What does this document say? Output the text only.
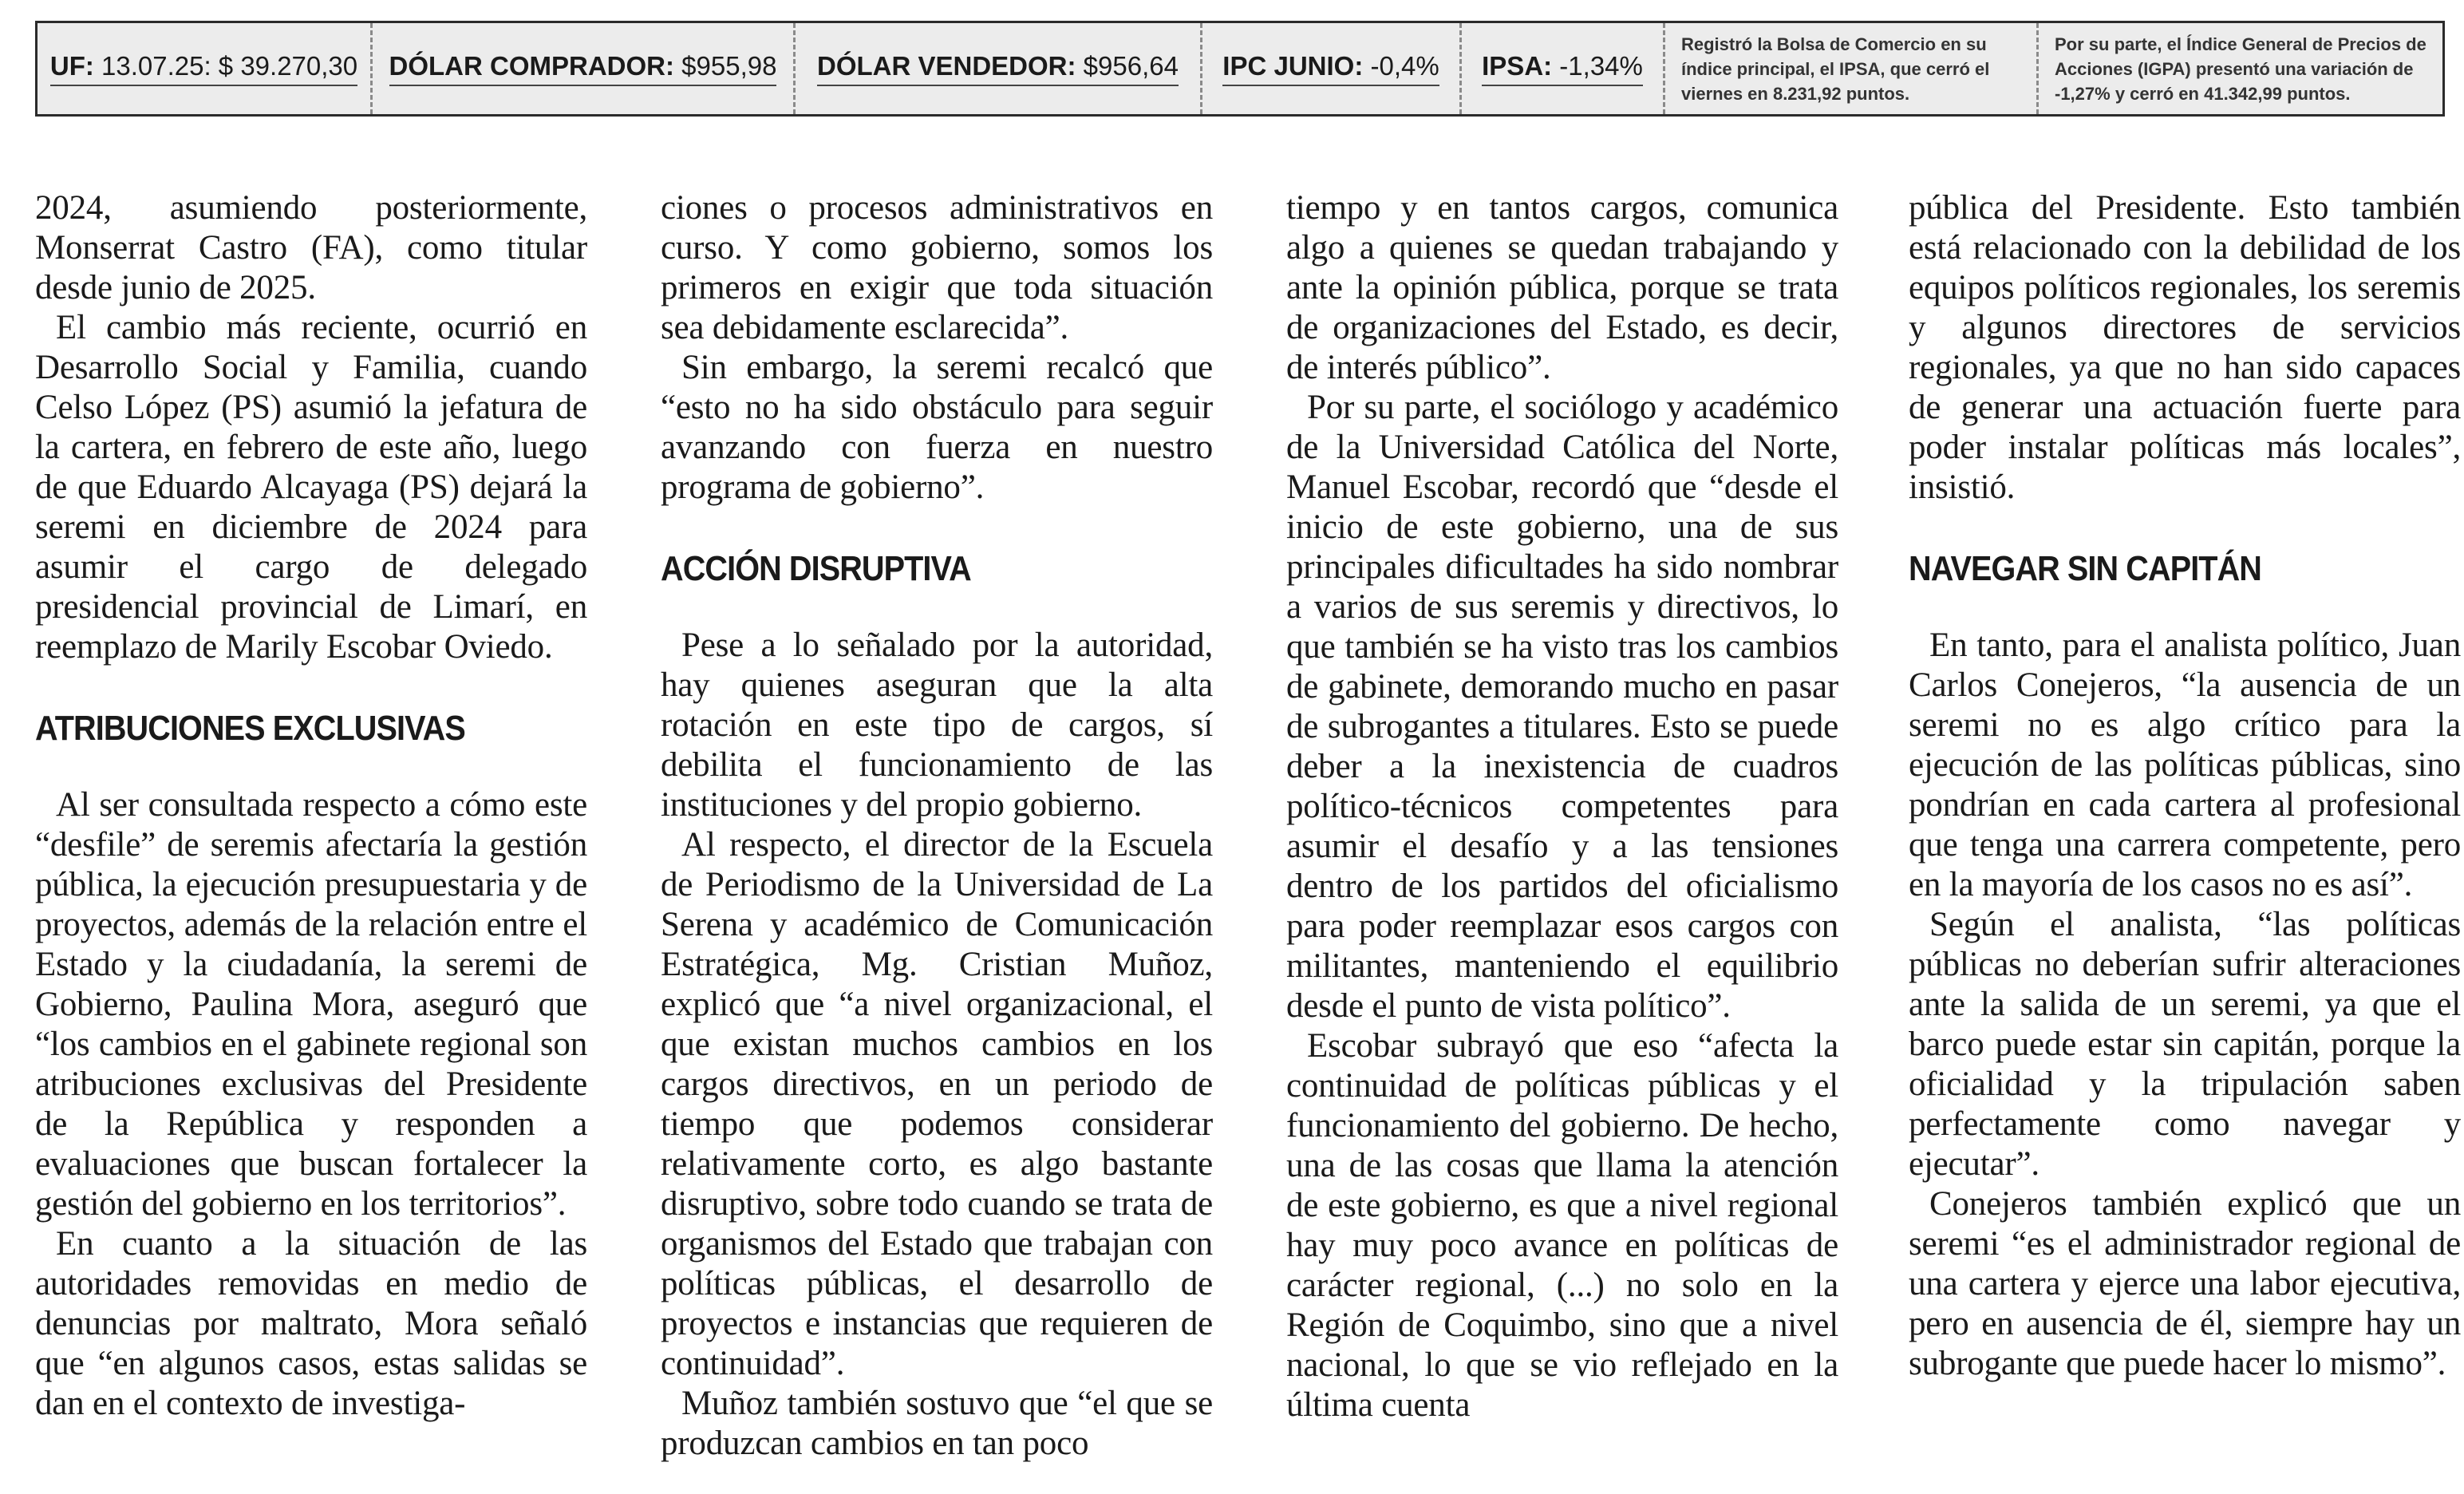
UF: 13.07.25: $ 39.270,30 DÓLAR COMPRADOR: $955,98 DÓLAR VENDEDOR: $956,64 IPC JUNIO: -0,4% IPSA: -1,34%
Registró la Bolsa de Comercio en su
índice principal, el IPSA, que cerró el
viernes en 8.231,92 puntos.
Por su parte, el Índice General de Precios de
Acciones (IGPA) presentó una variación de
-1,27% y cerró en 41.342,99 puntos.

2024, asumiendo posteriormente, Monserrat Castro (FA), como titular desde junio de 2025.

El cambio más reciente, ocurrió en Desarrollo Social y Familia, cuando Celso López (PS) asumió la jefatura de la cartera, en febrero de este año, luego de que Eduardo Alcayaga (PS) dejará la seremi en diciembre de 2024 para asumir el cargo de delegado presidencial provincial de Limarí, en reemplazo de Marily Escobar Oviedo.

ATRIBUCIONES EXCLUSIVAS

Al ser consultada respecto a cómo este “desfile” de seremis afectaría la gestión pública, la ejecución presupuestaria y de proyectos, además de la relación entre el Estado y la ciudadanía, la seremi de Gobierno, Paulina Mora, aseguró que “los cambios en el gabinete regional son atribuciones exclusivas del Presidente de la República y responden a evaluaciones que buscan fortalecer la gestión del gobierno en los territorios”.

En cuanto a la situación de las autoridades removidas en medio de denuncias por maltrato, Mora señaló que “en algunos casos, estas salidas se dan en el contexto de investiga-

ciones o procesos administrativos en curso. Y como gobierno, somos los primeros en exigir que toda situación sea debidamente esclarecida”.

Sin embargo, la seremi recalcó que “esto no ha sido obstáculo para seguir avanzando con fuerza en nuestro programa de gobierno”.

ACCIÓN DISRUPTIVA

Pese a lo señalado por la autoridad, hay quienes aseguran que la alta rotación en este tipo de cargos, sí debilita el funcionamiento de las instituciones y del propio gobierno.

Al respecto, el director de la Escuela de Periodismo de la Universidad de La Serena y académico de Comunicación Estratégica, Mg. Cristian Muñoz, explicó que “a nivel organizacional, el que existan muchos cambios en los cargos directivos, en un periodo de tiempo que podemos considerar relativamente corto, es algo bastante disruptivo, sobre todo cuando se trata de organismos del Estado que trabajan con políticas públicas, el desarrollo de proyectos e instancias que requieren de continuidad”.

Muñoz también sostuvo que “el que se produzcan cambios en tan poco

tiempo y en tantos cargos, comunica algo a quienes se quedan trabajando y ante la opinión pública, porque se trata de organizaciones del Estado, es decir, de interés público”.

Por su parte, el sociólogo y académico de la Universidad Católica del Norte, Manuel Escobar, recordó que “desde el inicio de este gobierno, una de sus principales dificultades ha sido nombrar a varios de sus seremis y directivos, lo que también se ha visto tras los cambios de gabinete, demorando mucho en pasar de subrogantes a titulares. Esto se puede deber a la inexistencia de cuadros político-técnicos competentes para asumir el desafío y a las tensiones dentro de los partidos del oficialismo para poder reemplazar esos cargos con militantes, manteniendo el equilibrio desde el punto de vista político”.

Escobar subrayó que eso “afecta la continuidad de políticas públicas y el funcionamiento del gobierno. De hecho, una de las cosas que llama la atención de este gobierno, es que a nivel regional hay muy poco avance en políticas de carácter regional, (...) no solo en la Región de Coquimbo, sino que a nivel nacional, lo que se vio reflejado en la última cuenta

pública del Presidente. Esto también está relacionado con la debilidad de los equipos políticos regionales, los seremis y algunos directores de servicios regionales, ya que no han sido capaces de generar una actuación fuerte para poder instalar políticas más locales”, insistió.

NAVEGAR SIN CAPITÁN

En tanto, para el analista político, Juan Carlos Conejeros, “la ausencia de un seremi no es algo crítico para la ejecución de las políticas públicas, sino pondrían en cada cartera al profesional que tenga una carrera competente, pero en la mayoría de los casos no es así”.

Según el analista, “las políticas públicas no deberían sufrir alteraciones ante la salida de un seremi, ya que el barco puede estar sin capitán, porque la oficialidad y la tripulación saben perfectamente como navegar y ejecutar”.

Conejeros también explicó que un seremi “es el administrador regional de una cartera y ejerce una labor ejecutiva, pero en ausencia de él, siempre hay un subrogante que puede hacer lo mismo”.
